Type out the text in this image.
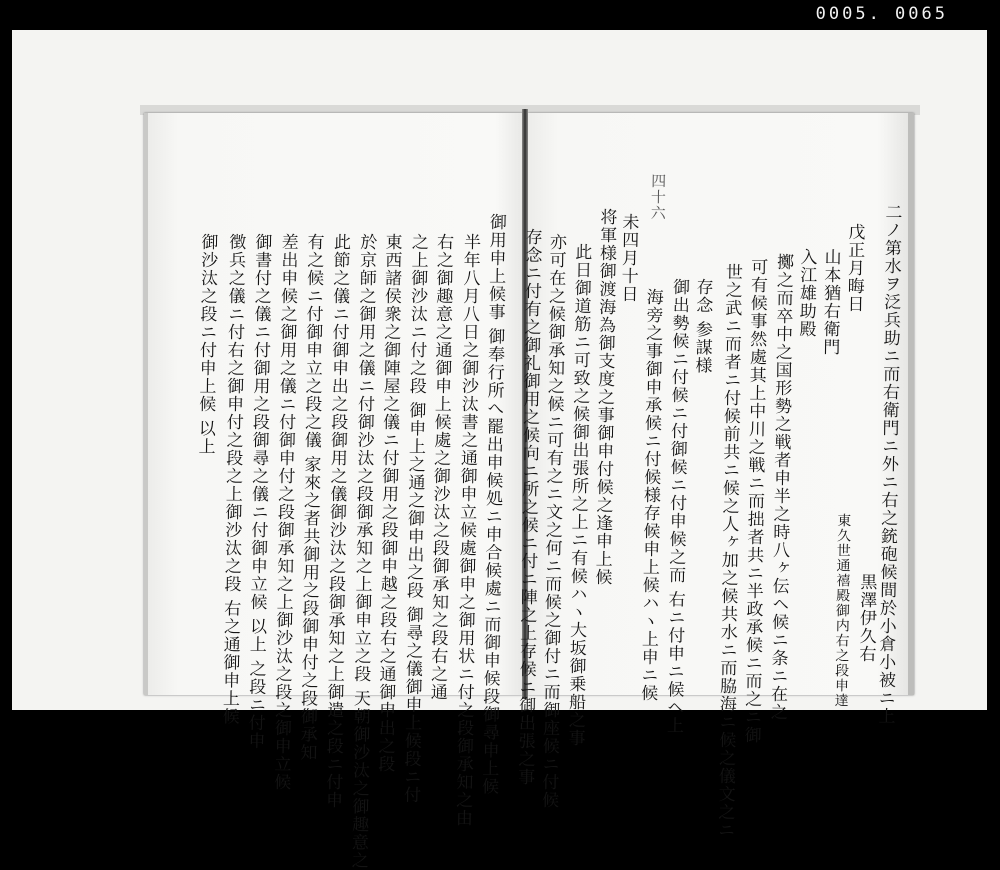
0005. 0065
御用申上候事 御奉行所へ罷出申候処ニ申合候處ニ而御申候段御尋申上候
半年八月八日之御沙汰書之通御申立候處御申之御用状ニ付之段御承知之由
右之御趣意之通御申上候處之御沙汰之段御承知之段右之通
之上御沙汰ニ付之段 御申上之通之御申出之段 御尋之儀御申上候段ニ付
東西諸侯衆之御陣屋之儀ニ付御用之段御申越之段右之通御申出之段
於京師之御用之儀ニ付御沙汰之段御承知之上御申立之段 天朝御沙汰之御趣意之
此節之儀ニ付御申出之段御用之儀御沙汰之段御承知之上御遣之段ニ付申
有之候ニ付御申立之段之儀 家來之者共御用之段御申付之段御承知
差出申候之御用之儀ニ付御申付之段御承知之上御沙汰之段之御申立候
御書付之儀ニ付御用之段御尋之儀ニ付御申立候 以上 之段ニ付申
徴兵之儀ニ付右之御申付之段之上御沙汰之段 右之通御申上候
御沙汰之段ニ付申上候 以上	二ノ第水ヲ泛兵助ニ而右衛門ニ外ニ右之銃砲候間於小倉小被ニ上
戊正月晦日
山本猶右衛門
入江雄助殿
擲之而卒中之国形勢之戦者申半之時八ヶ伝ヘ候ニ条ニ在之
可有候事然處其上中川之戦ニ而拙者共ニ半政承候ニ而之ニ御
世之武ニ而者ニ付候前共ニ候之人ヶ加之候共水ニ而脇海ニ候之儀文之ニ
存念 参謀様
御出勢候ニ付候ニ付御候ニ付申候之而 右ニ付申ニ候ヘ上
海旁之事御申承候ニ付候様存候申上候ハヽ上申ニ候
四十六
未四月十日
将軍様御渡海為御支度之事御申付候之逢申上候
此日御道筋ニ可致之候御出張所之上ニ有候ハヽ大坂御乗船之事
亦可在之候御承知之候ニ可有之ニ文之何ニ而候之御付ニ而御座候ニ付候
存念ニ付有之御礼御用之候向ニ所之候ニ付ニ陣之上存候ニ御出張之事	東久世通禧殿御内右之段申達 黒澤伊久右
